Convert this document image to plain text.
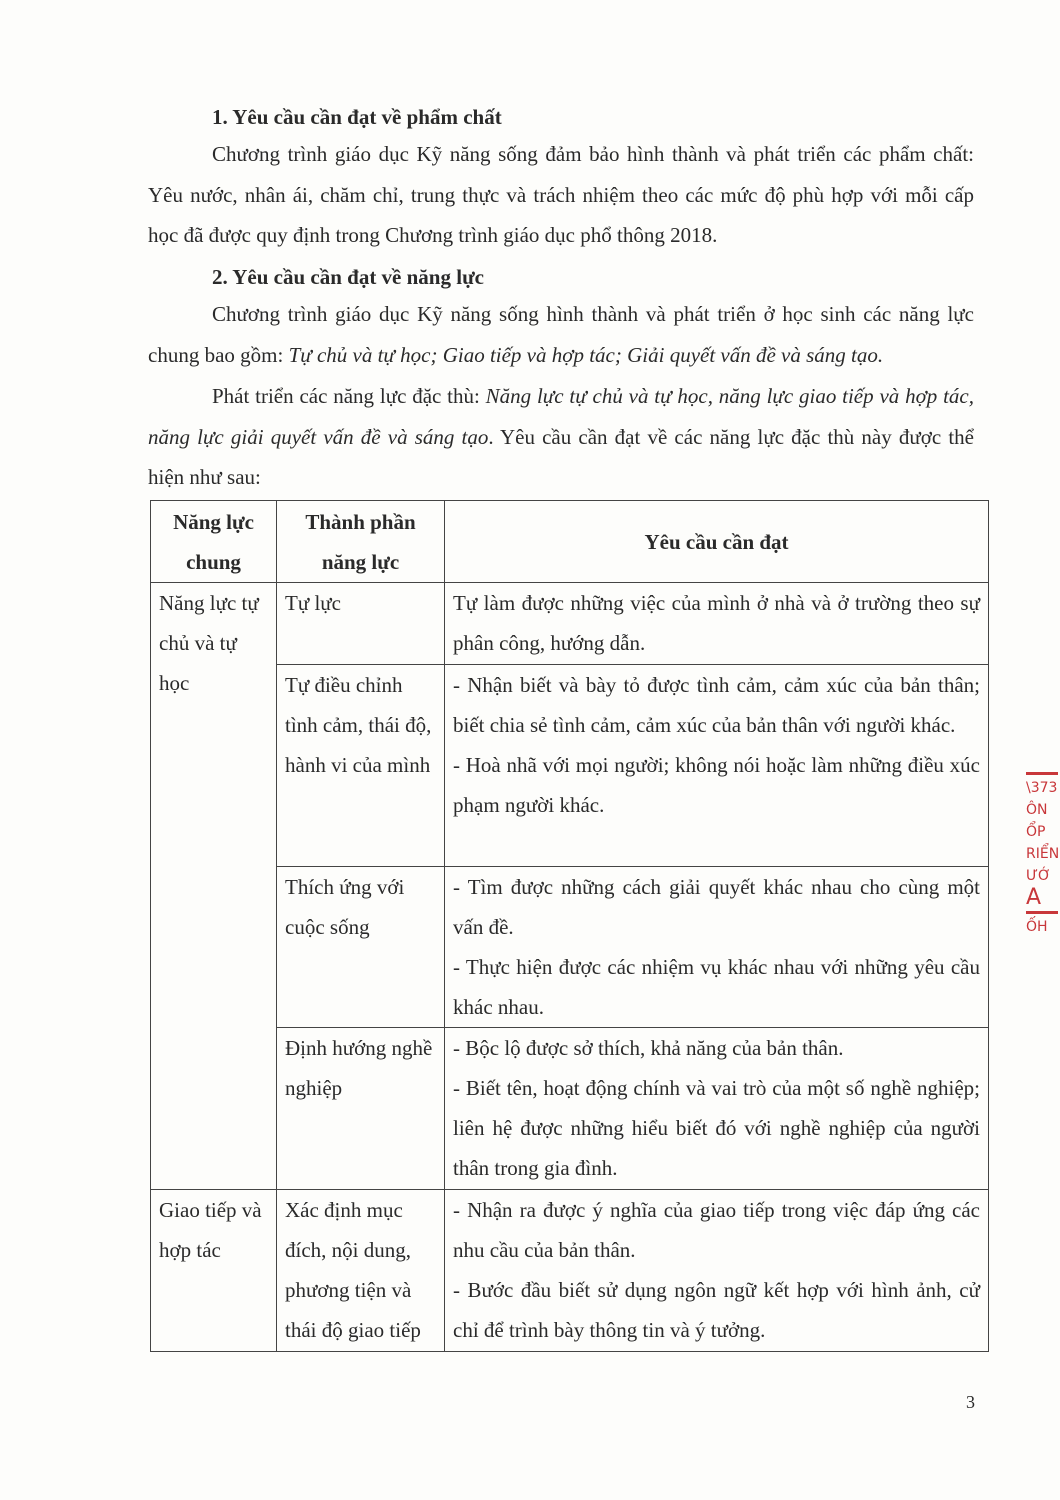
1. Yêu cầu cần đạt về phẩm chất
Chương trình giáo dục Kỹ năng sống đảm bảo hình thành và phát triển các phẩm chất: Yêu nước, nhân ái, chăm chỉ, trung thực và trách nhiệm theo các mức độ phù hợp với mỗi cấp học đã được quy định trong Chương trình giáo dục phổ thông 2018.
2. Yêu cầu cần đạt về năng lực
Chương trình giáo dục Kỹ năng sống hình thành và phát triển ở học sinh các năng lực chung bao gồm: Tự chủ và tự học; Giao tiếp và hợp tác; Giải quyết vấn đề và sáng tạo.
Phát triển các năng lực đặc thù: Năng lực tự chủ và tự học, năng lực giao tiếp và hợp tác, năng lực giải quyết vấn đề và sáng tạo. Yêu cầu cần đạt về các năng lực đặc thù này được thể hiện như sau:
Năng lực chung	Thành phần năng lực	Yêu cầu cần đạt
Năng lực tự chủ và tự học	Tự lực	Tự làm được những việc của mình ở nhà và ở trường theo sự phân công, hướng dẫn.

	Tự điều chỉnh tình cảm, thái độ, hành vi của mình	- Nhận biết và bày tỏ được tình cảm, cảm xúc của bản thân; biết chia sẻ tình cảm, cảm xúc của bản thân với người khác.
- Hoà nhã với mọi người; không nói hoặc làm những điều xúc phạm người khác.

	Thích ứng với cuộc sống	- Tìm được những cách giải quyết khác nhau cho cùng một vấn đề.
- Thực hiện được các nhiệm vụ khác nhau với những yêu cầu khác nhau.

	Định hướng nghề nghiệp	- Bộc lộ được sở thích, khả năng của bản thân.
- Biết tên, hoạt động chính và vai trò của một số nghề nghiệp; liên hệ được những hiểu biết đó với nghề nghiệp của người thân trong gia đình.

Giao tiếp và hợp tác	Xác định mục đích, nội dung, phương tiện và thái độ giao tiếp	- Nhận ra được ý nghĩa của giao tiếp trong việc đáp ứng các nhu cầu của bản thân.
- Bước đầu biết sử dụng ngôn ngữ kết hợp với hình ảnh, cử chỉ để trình bày thông tin và ý tưởng.
\373
ÔN
ỔP
RIỂN
ƯỚ
A
ỐH
3
